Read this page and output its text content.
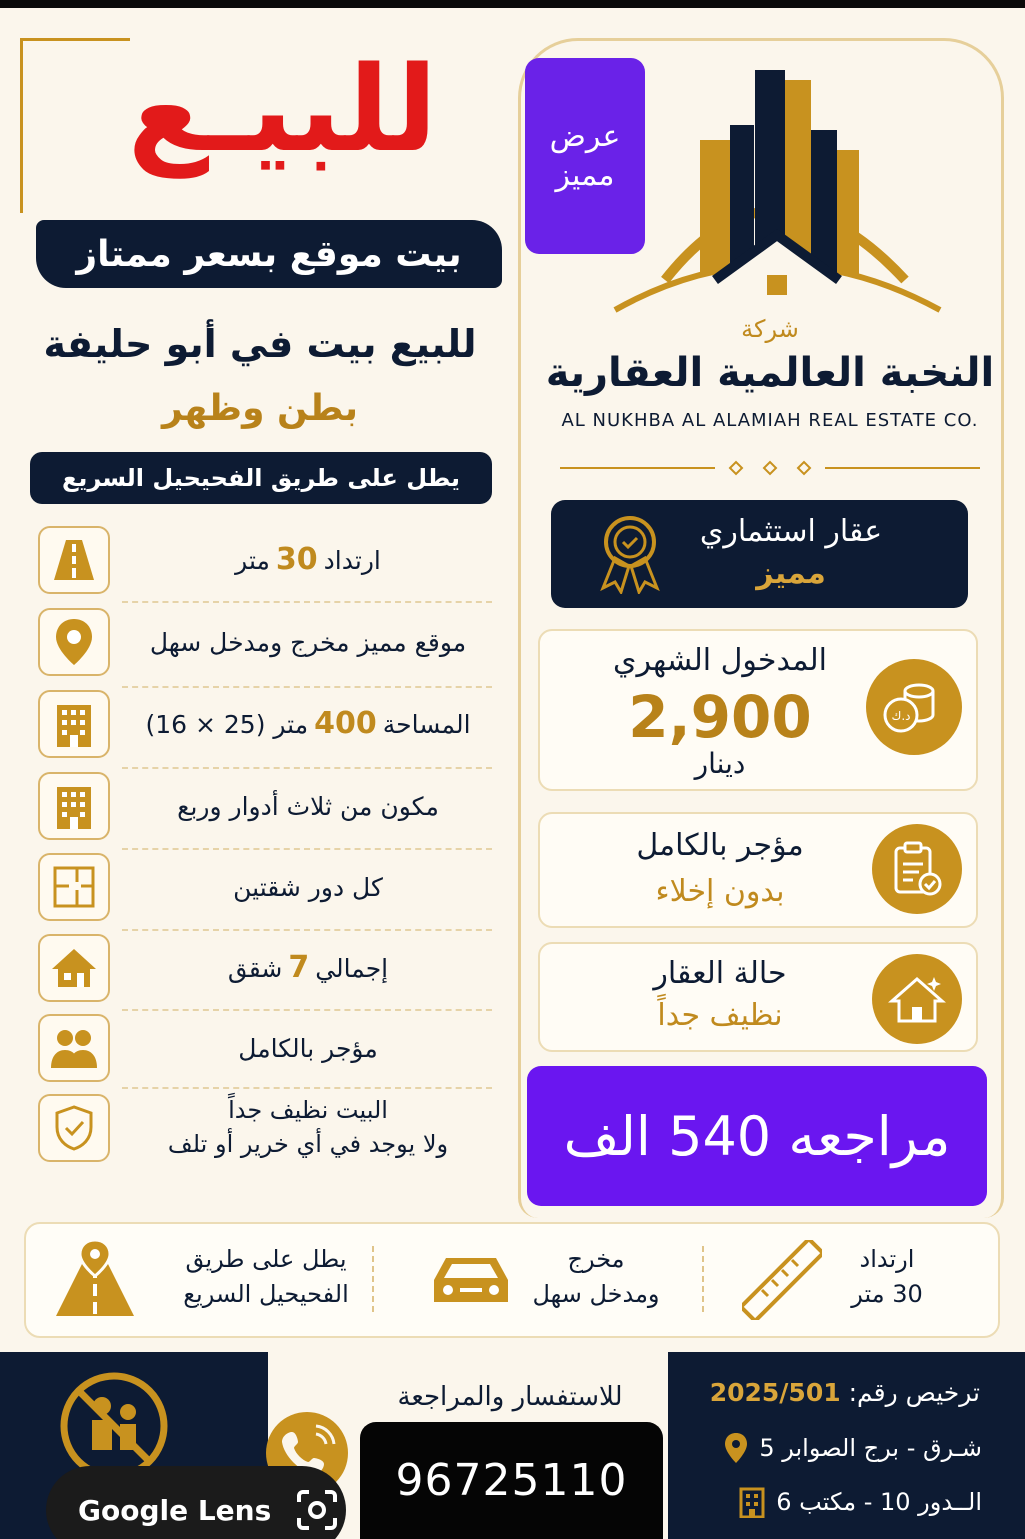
للبيـع
بيت موقع بسعر ممتاز
للبيع بيت في أبو حليفة
بطن وظهر
يطل على طريق الفحيحيل السريع
ارتداد
30
متر
موقع مميز مخرج ومدخل سهل
المساحة
400
متر (25 × 16)
مكون من ثلاث أدوار وربع
كل دور شقتين
إجمالي
7
شقق
مؤجر بالكامل
البيت نظيف جداً
ولا يوجد في أي خرير أو تلف
عرض
مميز
شركة
النخبة العالمية العقارية
AL NUKHBA AL ALAMIAH REAL ESTATE CO.
عقار استثماري
مميز
د.ك
المدخول الشهري
2,900
دينار
مؤجر بالكامل
بدون إخلاء
حالة العقار
نظيف جداً
مراجعه 540 الف
يطل على طريق
الفحيحيل السريع
مخرج
ومدخل سهل
ارتداد
30 متر
للاستفسار والمراجعة
96725110
ترخيص رقم: 2025/501
شـرق - برج الصوابر 5
الــدور 10 - مكتب 6
Google Lens
